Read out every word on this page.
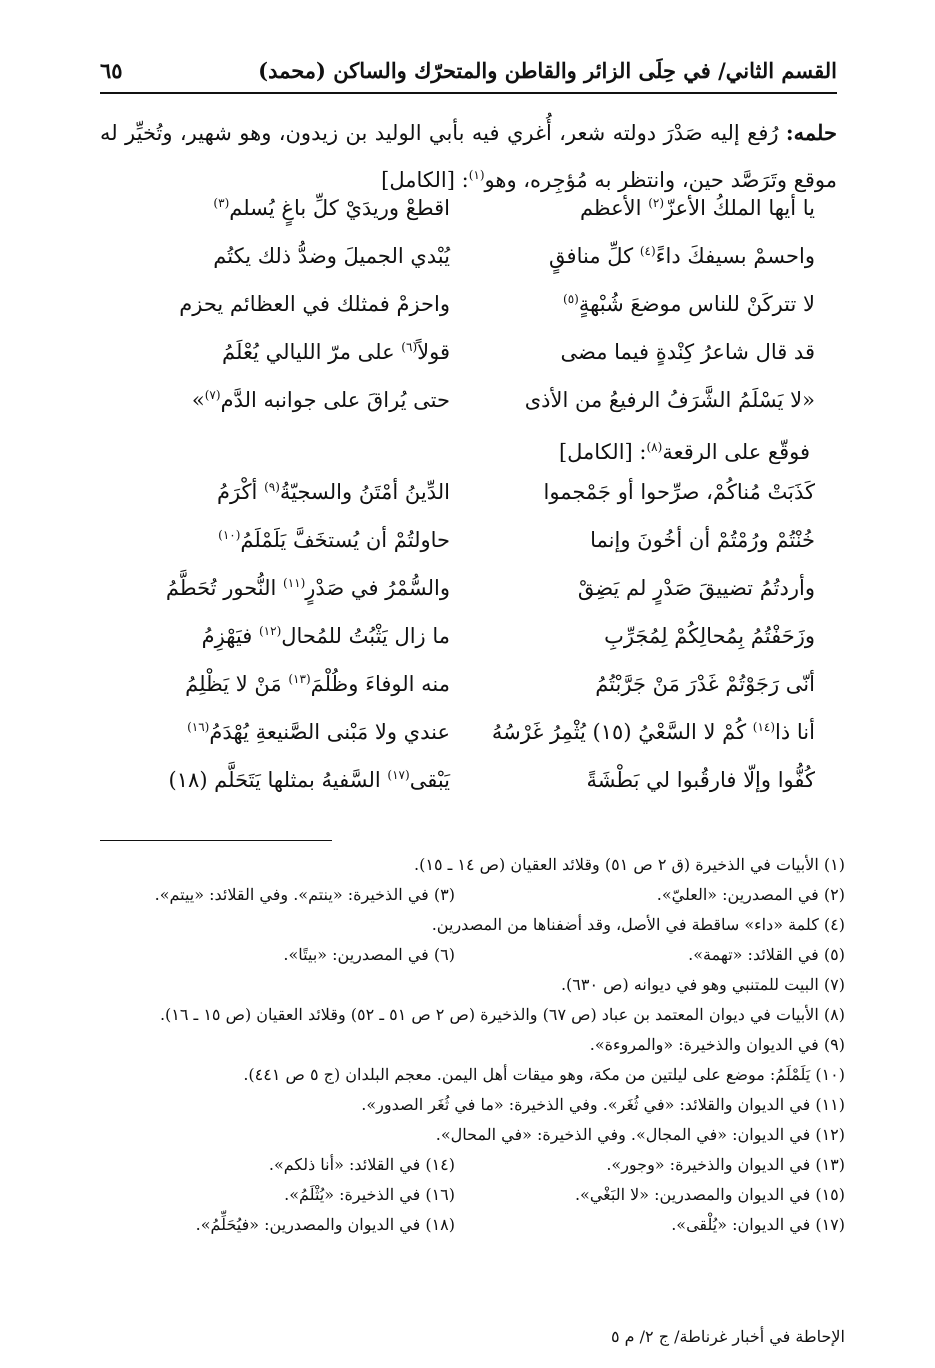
القسم الثاني/ في حِلَى الزائر والقاطن والمتحرّك والساكن (محمد)
٦٥
حلمه: رُفع إليه صَدْرَ دولته شعر، أُغري فيه بأبي الوليد بن زيدون، وهو شهير، وتُخيِّر له موقع وتَرَصَّد حين، وانتظر به مُؤجِره، وهو$^{(١)}$: [الكامل]
يا أيها الملكُ الأعزّ$^{(٢)}$ الأعظم
اقطعْ وريدَيْ كلِّ باغٍ يُسلم$^{(٣)}$
واحسمْ بسيفكَ داءً$^{(٤)}$ كلِّ منافقٍ
يُبْدي الجميلَ وضدُّ ذلك يكتُم
لا تتركَنْ للناس موضعَ شُبْهةٍ$^{(٥)}$
واحزمْ فمثلك في العظائم يحزم
قد قال شاعرُ كِنْدةٍ فيما مضى
قولاً$^{(٦)}$ على مرّ الليالي يُعْلَمُ
«لا يَسْلَمُ الشَّرَفُ الرفيعُ من الأذى
حتى يُراقَ على جوانبه الدَّم$^{(٧)}$»
فوقّع على الرقعة$^{(٨)}$: [الكامل]
كَذَبَتْ مُناكُمْ، صرِّحوا أو جَمْجموا
الدِّينُ أمْتَنُ والسجيّةُ$^{(٩)}$ أكْرَمُ
خُنْتُمْ ورُمْتُمْ أن أخُونَ وإنما
حاولتُمْ أن يُستخَفَّ يَلَمْلَمُ$^{(١٠)}$
وأردتُمُ تضييقَ صَدْرٍ لم يَضِقْ
والسُّمْرُ في صَدْرٍ$^{(١١)}$ النُّحور تُحَطَّمُ
وزَحَفْتُمُ بِمُحالِكُمْ لِمُجَرِّبِ
ما زال يَثْبُتُ للمُحال$^{(١٢)}$ فيَهْزِمُ
أنّى رَجَوْتُمْ غَدْرَ مَنْ جَرَّبْتُمُ
منه الوفاءَ وظُلْمَ$^{(١٣)}$ مَنْ لا يَظْلِمُ
أنا ذا$^{(١٤)}$ كُمْ لا السَّعْيُ (١٥) يُثْمِرُ غَرْسُهُ
عندي ولا مَبْنى الصَّنيعةِ يُهْدَمُ$^{(١٦)}$
كُفُّوا وإلّا فارقُبوا لي بَطْشَةً
يَبْقى$^{(١٧)}$ السَّفيهُ بمثلها يَتَحَلَّم (١٨)
(١) الأبيات في الذخيرة (ق ٢ ص ٥١) وقلائد العقيان (ص ١٤ ـ ١٥).
(٢) في المصدرين: «العليّ».
(٣) في الذخيرة: «ينتم». وفي القلائد: «ييتم».
(٤) كلمة «داء» ساقطة في الأصل، وقد أضفناها من المصدرين.
(٥) في القلائد: «تهمة».
(٦) في المصدرين: «بيتًا».
(٧) البيت للمتنبي وهو في ديوانه (ص ٦٣٠).
(٨) الأبيات في ديوان المعتمد بن عباد (ص ٦٧) والذخيرة (ص ٢ ص ٥١ ـ ٥٢) وقلائد العقيان (ص ١٥ ـ ١٦).
(٩) في الديوان والذخيرة: «والمروءة».
(١٠) يَلَمْلَمُ: موضع على ليلتين من مكة، وهو ميقات أهل اليمن. معجم البلدان (ج ٥ ص ٤٤١).
(١١) في الديوان والقلائد: «في ثُغَر». وفي الذخيرة: «ما في ثُغَر الصدور».
(١٢) في الديوان: «في المجال». وفي الذخيرة: «في المحال».
(١٣) في الديوان والذخيرة: «وجور».
(١٤) في القلائد: «أنا ذلكم».
(١٥) في الديوان والمصدرين: «لا البَغْي».
(١٦) في الذخيرة: «يُثْلَمُ».
(١٧) في الديوان: «يُلْقى».
(١٨) في الديوان والمصدرين: «فيُحَلِّمُ».
الإحاطة في أخبار غرناطة/ ج ٢/ م ٥
